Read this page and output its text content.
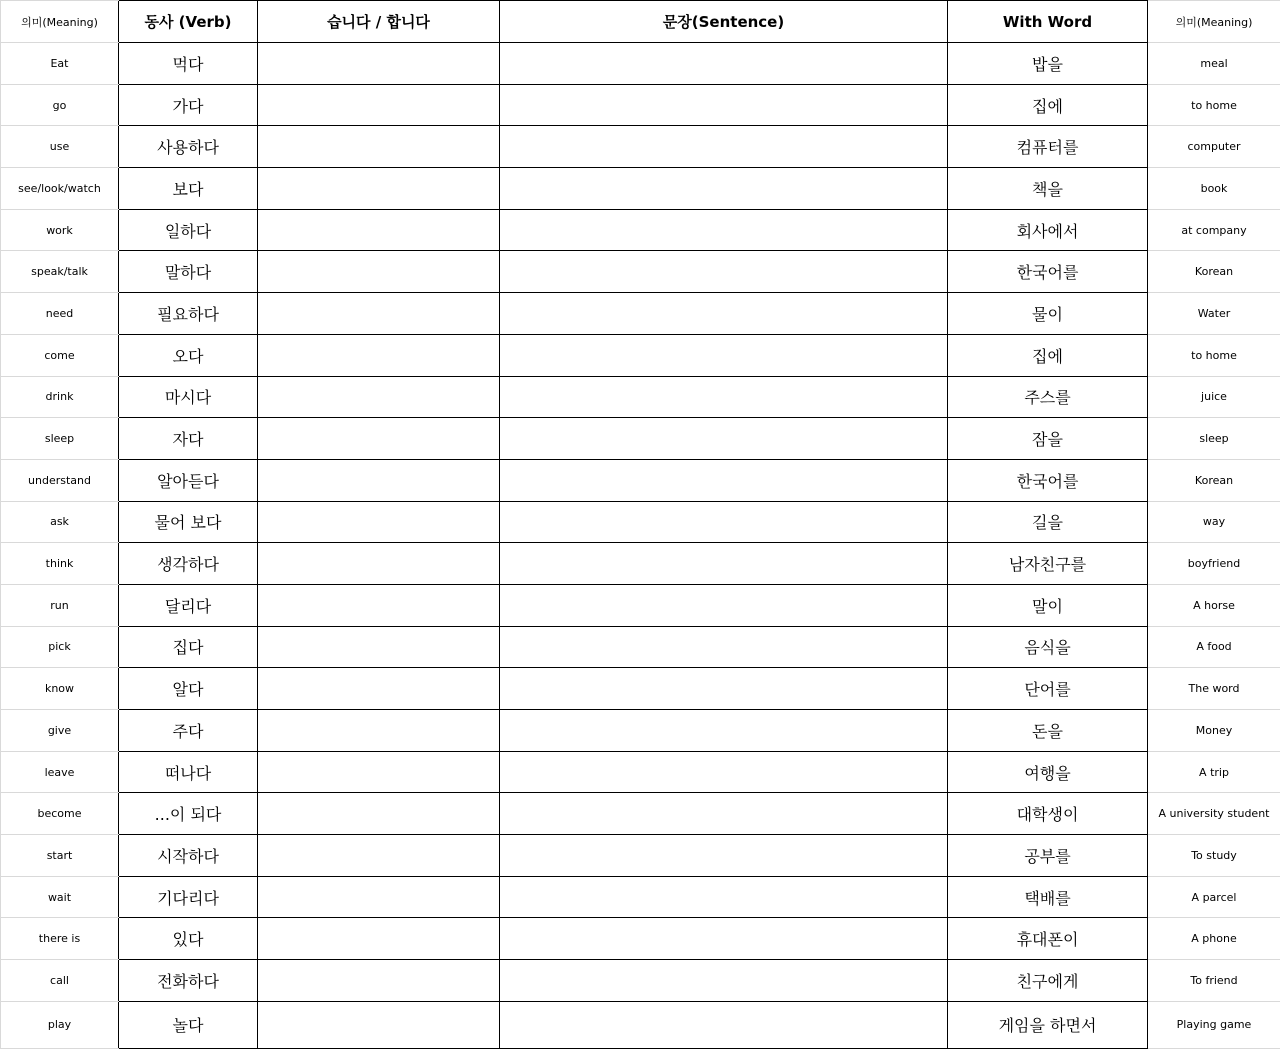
의미(Meaning)	동사 (Verb)	습니다 / 합니다	문장(Sentence)	With Word	의미(Meaning)
Eat	먹다			밥을	meal
go	가다			집에	to home
use	사용하다			컴퓨터를	computer
see/look/watch	보다			책을	book
work	일하다			회사에서	at company
speak/talk	말하다			한국어를	Korean
need	필요하다			물이	Water
come	오다			집에	to home
drink	마시다			주스를	juice
sleep	자다			잠을	sleep
understand	알아듣다			한국어를	Korean
ask	물어 보다			길을	way
think	생각하다			남자친구를	boyfriend
run	달리다			말이	A horse
pick	집다			음식을	A food
know	알다			단어를	The word
give	주다			돈을	Money
leave	떠나다			여행을	A trip
become	...이 되다			대학생이	A university student
start	시작하다			공부를	To study
wait	기다리다			택배를	A parcel
there is	있다			휴대폰이	A phone
call	전화하다			친구에게	To friend
play	놀다			게임을 하면서	Playing game
